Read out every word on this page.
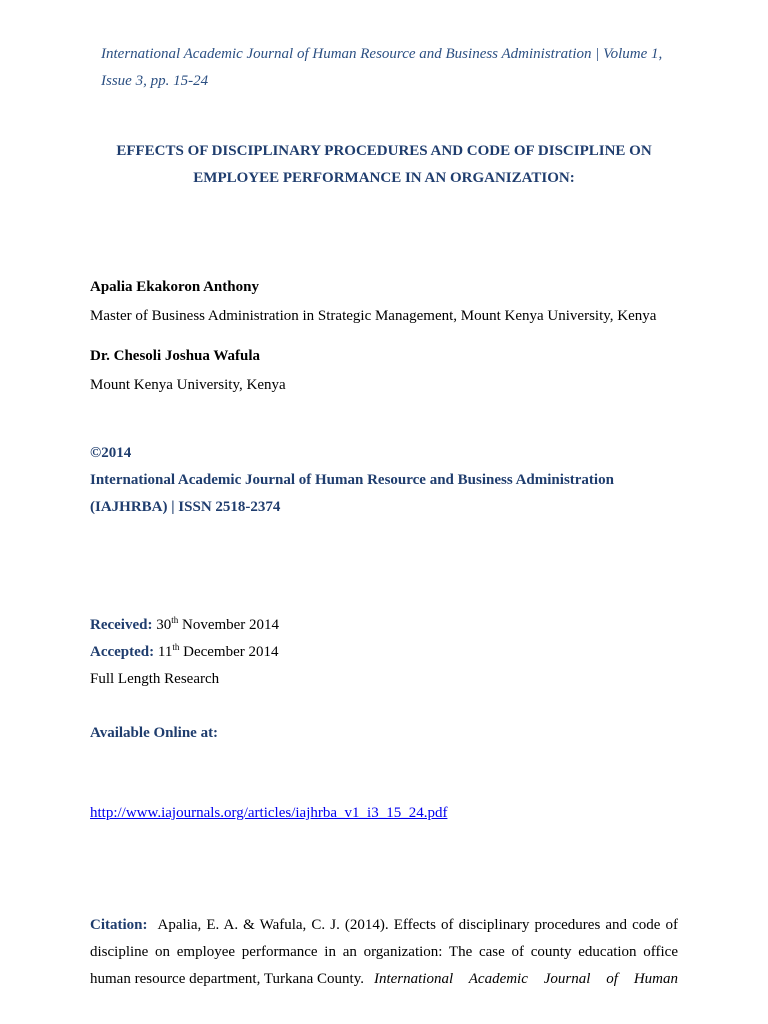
International Academic Journal of Human Resource and Business Administration | Volume 1,
Issue 3, pp. 15-24
EFFECTS OF DISCIPLINARY PROCEDURES AND CODE OF DISCIPLINE ON
EMPLOYEE PERFORMANCE IN AN ORGANIZATION:
Apalia Ekakoron Anthony
Master of Business Administration in Strategic Management, Mount Kenya University, Kenya
Dr. Chesoli Joshua Wafula
Mount Kenya University, Kenya
©2014
International Academic Journal of Human Resource and Business Administration
(IAJHRBA) | ISSN 2518-2374
Received: 30th November 2014
Accepted: 11th December 2014
Full Length Research
Available Online at:
http://www.iajournals.org/articles/iajhrba_v1_i3_15_24.pdf
Citation: Apalia, E. A. & Wafula, C. J. (2014). Effects of disciplinary procedures and code of
discipline on employee performance in an organization: The case of county education office
human resource department, Turkana County. International Academic Journal of Human
